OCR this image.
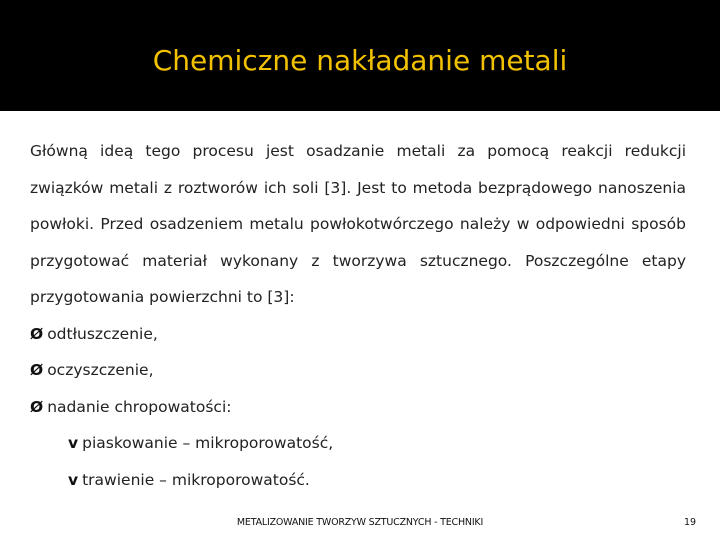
Chemiczne nakładanie metali

Główną ideą tego procesu jest osadzanie metali za pomocą reakcji redukcji związków metali z roztworów ich soli [3]. Jest to metoda bezprądowego nanoszenia powłoki. Przed osadzeniem metalu powłokotwórczego należy w odpowiedni sposób przygotować materiał wykonany z tworzywa sztucznego. Poszczególne etapy przygotowania powierzchni to [3]:

Ø odtłuszczenie,
Ø oczyszczenie,
Ø nadanie chropowatości:
v piaskowanie – mikroporowatość,
v trawienie – mikroporowatość.
METALIZOWANIE TWORZYW SZTUCZNYCH - TECHNIKI	19
